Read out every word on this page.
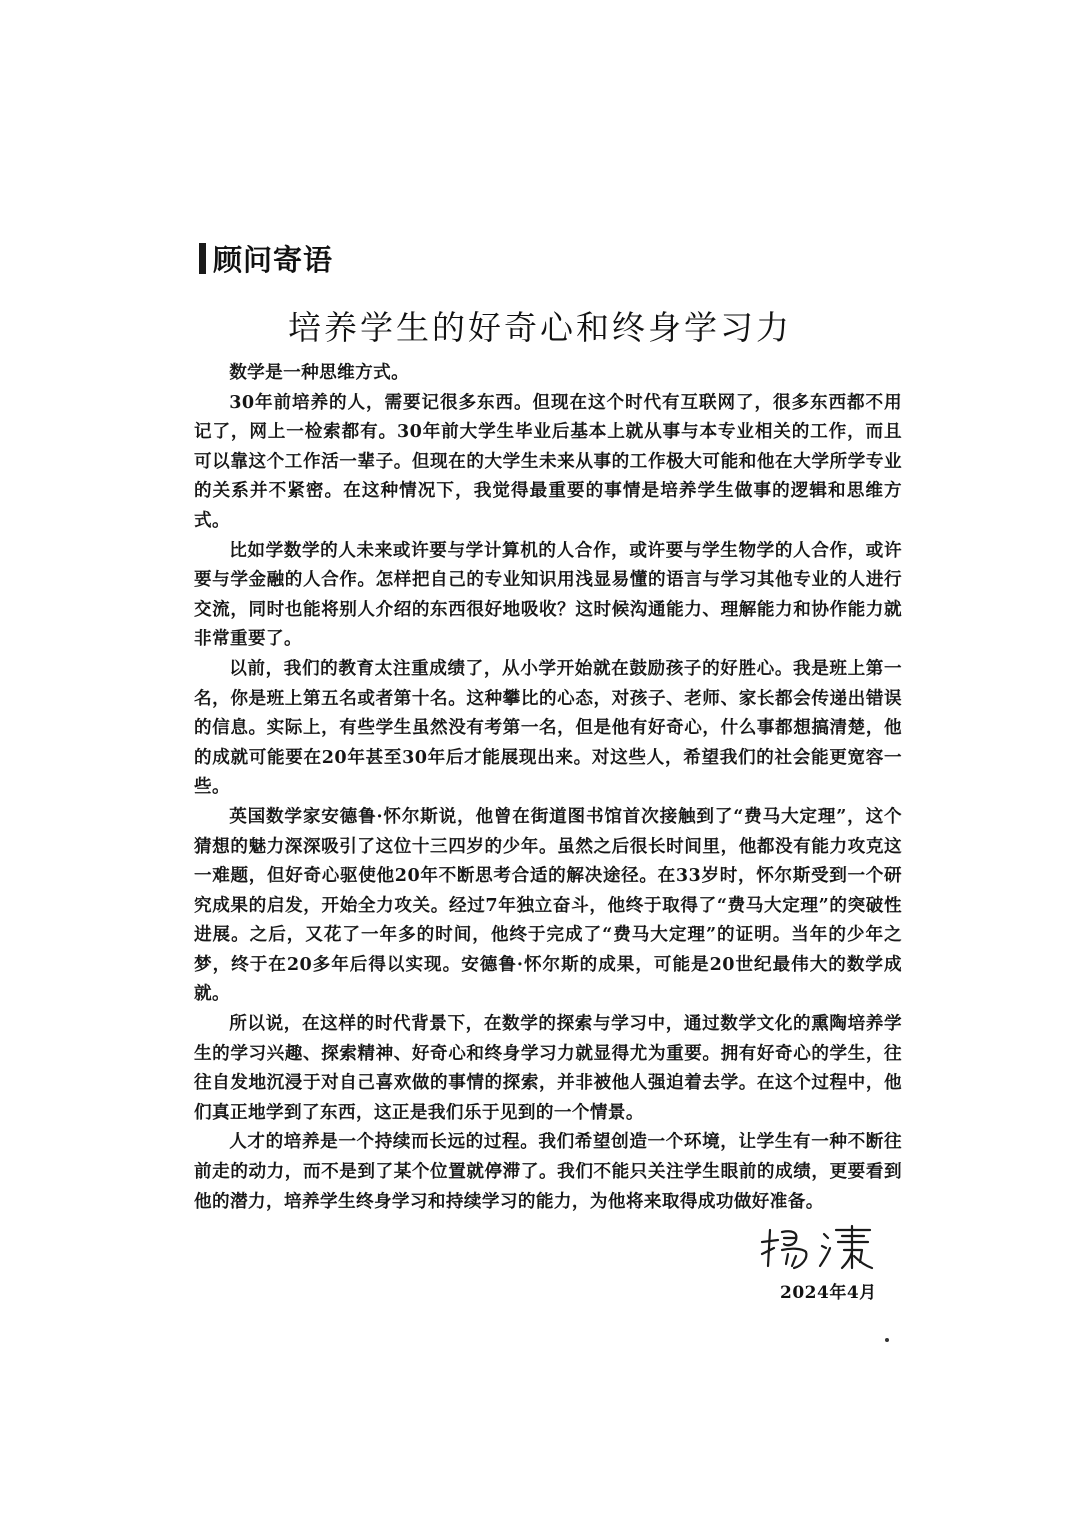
顾问寄语
培养学生的好奇心和终身学习力

数学是一种思维方式。

30年前培养的人，需要记很多东西。但现在这个时代有互联网了，很多东西都不用记了，网上一检索都有。30年前大学生毕业后基本上就从事与本专业相关的工作，而且可以靠这个工作活一辈子。但现在的大学生未来从事的工作极大可能和他在大学所学专业的关系并不紧密。在这种情况下，我觉得最重要的事情是培养学生做事的逻辑和思维方式。

比如学数学的人未来或许要与学计算机的人合作，或许要与学生物学的人合作，或许要与学金融的人合作。怎样把自己的专业知识用浅显易懂的语言与学习其他专业的人进行交流，同时也能将别人介绍的东西很好地吸收？这时候沟通能力、理解能力和协作能力就非常重要了。

以前，我们的教育太注重成绩了，从小学开始就在鼓励孩子的好胜心。我是班上第一名，你是班上第五名或者第十名。这种攀比的心态，对孩子、老师、家长都会传递出错误的信息。实际上，有些学生虽然没有考第一名，但是他有好奇心，什么事都想搞清楚，他的成就可能要在20年甚至30年后才能展现出来。对这些人，希望我们的社会能更宽容一些。

英国数学家安德鲁·怀尔斯说，他曾在街道图书馆首次接触到了“费马大定理”，这个猜想的魅力深深吸引了这位十三四岁的少年。虽然之后很长时间里，他都没有能力攻克这一难题，但好奇心驱使他20年不断思考合适的解决途径。在33岁时，怀尔斯受到一个研究成果的启发，开始全力攻关。经过7年独立奋斗，他终于取得了“费马大定理”的突破性进展。之后，又花了一年多的时间，他终于完成了“费马大定理”的证明。当年的少年之梦，终于在20多年后得以实现。安德鲁·怀尔斯的成果，可能是20世纪最伟大的数学成就。

所以说，在这样的时代背景下，在数学的探索与学习中，通过数学文化的熏陶培养学生的学习兴趣、探索精神、好奇心和终身学习力就显得尤为重要。拥有好奇心的学生，往往自发地沉浸于对自己喜欢做的事情的探索，并非被他人强迫着去学。在这个过程中，他们真正地学到了东西，这正是我们乐于见到的一个情景。

人才的培养是一个持续而长远的过程。我们希望创造一个环境，让学生有一种不断往前走的动力，而不是到了某个位置就停滞了。我们不能只关注学生眼前的成绩，更要看到他的潜力，培养学生终身学习和持续学习的能力，为他将来取得成功做好准备。

2024年4月
